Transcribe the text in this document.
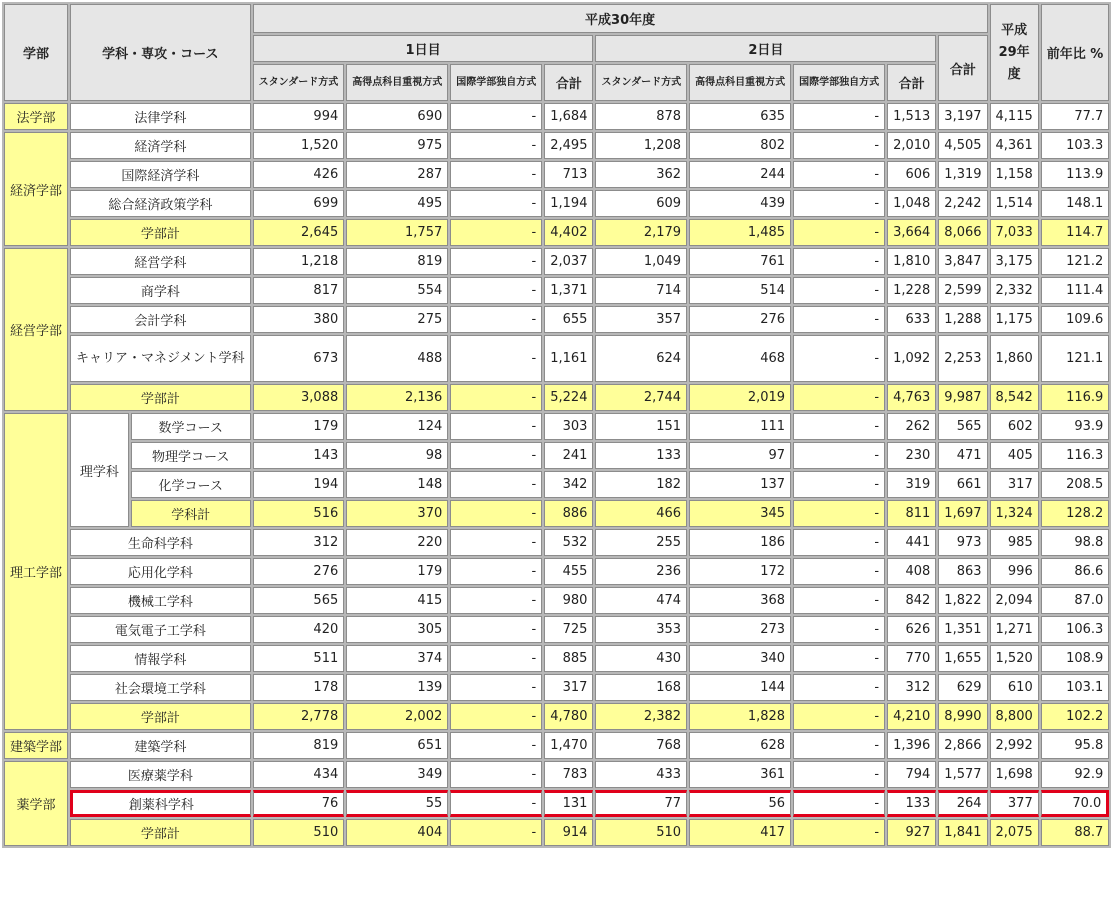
学部	学科・専攻・コース		平成30年度									平成29年度	前年比 %
			1日目				2日目				合計		
			スタンダード方式	高得点科目重視方式	国際学部独自方式	合計	スタンダード方式	高得点科目重視方式	国際学部独自方式	合計			
法学部	法律学科		994	690	-	1,684	878	635	-	1,513	3,197	4,115	77.7
経済学部	経済学科		1,520	975	-	2,495	1,208	802	-	2,010	4,505	4,361	103.3
	国際経済学科		426	287	-	713	362	244	-	606	1,319	1,158	113.9
	総合経済政策学科		699	495	-	1,194	609	439	-	1,048	2,242	1,514	148.1
	学部計		2,645	1,757	-	4,402	2,179	1,485	-	3,664	8,066	7,033	114.7
経営学部	経営学科		1,218	819	-	2,037	1,049	761	-	1,810	3,847	3,175	121.2
	商学科		817	554	-	1,371	714	514	-	1,228	2,599	2,332	111.4
	会計学科		380	275	-	655	357	276	-	633	1,288	1,175	109.6
	キャリア・マネジメント学科		673	488	-	1,161	624	468	-	1,092	2,253	1,860	121.1
	学部計		3,088	2,136	-	5,224	2,744	2,019	-	4,763	9,987	8,542	116.9
理工学部	理学科	数学コース	179	124	-	303	151	111	-	262	565	602	93.9
		物理学コース	143	98	-	241	133	97	-	230	471	405	116.3
		化学コース	194	148	-	342	182	137	-	319	661	317	208.5
		学科計	516	370	-	886	466	345	-	811	1,697	1,324	128.2
	生命科学科		312	220	-	532	255	186	-	441	973	985	98.8
	応用化学科		276	179	-	455	236	172	-	408	863	996	86.6
	機械工学科		565	415	-	980	474	368	-	842	1,822	2,094	87.0
	電気電子工学科		420	305	-	725	353	273	-	626	1,351	1,271	106.3
	情報学科		511	374	-	885	430	340	-	770	1,655	1,520	108.9
	社会環境工学科		178	139	-	317	168	144	-	312	629	610	103.1
	学部計		2,778	2,002	-	4,780	2,382	1,828	-	4,210	8,990	8,800	102.2
建築学部	建築学科		819	651	-	1,470	768	628	-	1,396	2,866	2,992	95.8
薬学部	医療薬学科		434	349	-	783	433	361	-	794	1,577	1,698	92.9
	創薬科学科		76	55	-	131	77	56	-	133	264	377	70.0
	学部計		510	404	-	914	510	417	-	927	1,841	2,075	88.7
